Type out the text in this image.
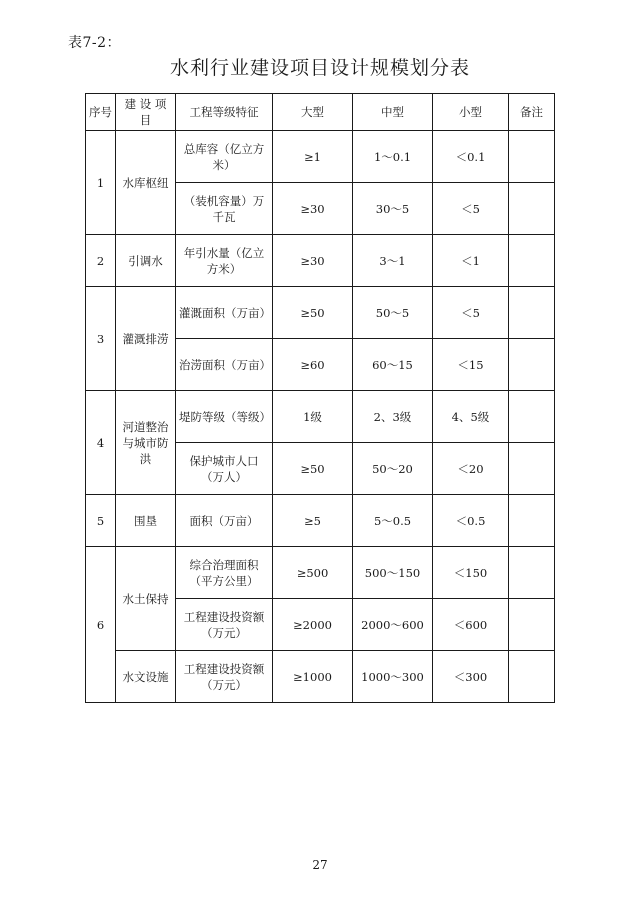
表7-2：
水利行业建设项目设计规模划分表
序号	建 设 项 目	工程等级特征	大型	中型	小型	备注
1	水库枢纽	总库容（亿立方米）	≥1	1～0.1	＜0.1	
		（装机容量）万千瓦	≥30	30～5	＜5	
2	引调水	年引水量（亿立方米）	≥30	3～1	＜1	
3	灌溉排涝	灌溉面积（万亩）	≥50	50～5	＜5	
		治涝面积（万亩）	≥60	60～15	＜15	
4	河道整治与城市防洪	堤防等级（等级）	1级	2、3级	4、5级	
		保护城市人口（万人）	≥50	50～20	＜20	
5	围垦	面积（万亩）	≥5	5～0.5	＜0.5	
6	水土保持	综合治理面积（平方公里）	≥500	500～150	＜150	
		工程建设投资额（万元）	≥2000	2000～600	＜600	
	水文设施	工程建设投资额（万元）	≥1000	1000～300	＜300	
27
